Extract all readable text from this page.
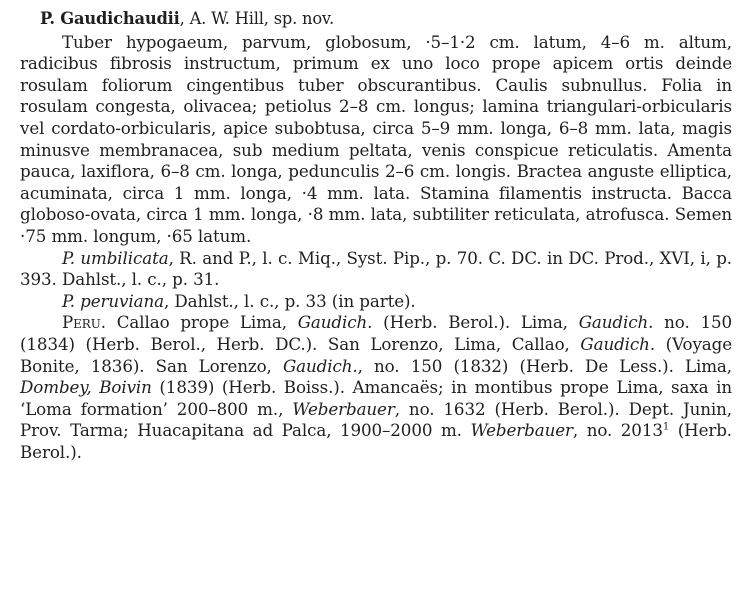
P. Gaudichaudii, A. W. Hill, sp. nov.

Tuber hypogaeum, parvum, globosum, ·5–1·2 cm. latum, 4–6 m. altum, radicibus fibrosis instructum, primum ex uno loco prope apicem ortis deinde rosulam foliorum cingentibus tuber obscurantibus. Caulis subnullus. Folia in rosulam congesta, olivacea; petiolus 2–8 cm. longus; lamina triangulari-orbicularis vel cordato-orbicularis, apice subobtusa, circa 5–9 mm. longa, 6–8 mm. lata, magis minusve membranacea, sub medium peltata, venis conspicue reticulatis. Amenta pauca, laxiflora, 6–8 cm. longa, pedunculis 2–6 cm. longis. Bractea anguste elliptica, acuminata, circa 1 mm. longa, ·4 mm. lata. Stamina filamentis instructa. Bacca globoso-ovata, circa 1 mm. longa, ·8 mm. lata, subtiliter reticulata, atrofusca. Semen ·75 mm. longum, ·65 latum.

P. umbilicata, R. and P., l. c. Miq., Syst. Pip., p. 70. C. DC. in DC. Prod., XVI, i, p. 393. Dahlst., l. c., p. 31.

P. peruviana, Dahlst., l. c., p. 33 (in parte).

Peru. Callao prope Lima, Gaudich. (Herb. Berol.). Lima, Gaudich. no. 150 (1834) (Herb. Berol., Herb. DC.). San Lorenzo, Lima, Callao, Gaudich. (Voyage Bonite, 1836). San Lorenzo, Gaudich., no. 150 (1832) (Herb. De Less.). Lima, Dombey, Boivin (1839) (Herb. Boiss.). Amancaës; in montibus prope Lima, saxa in ‘Loma formation’ 200–800 m., Weberbauer, no. 1632 (Herb. Berol.). Dept. Junin, Prov. Tarma; Huacapitana ad Palca, 1900–2000 m. Weberbauer, no. 2013$^1$ (Herb. Berol.).
